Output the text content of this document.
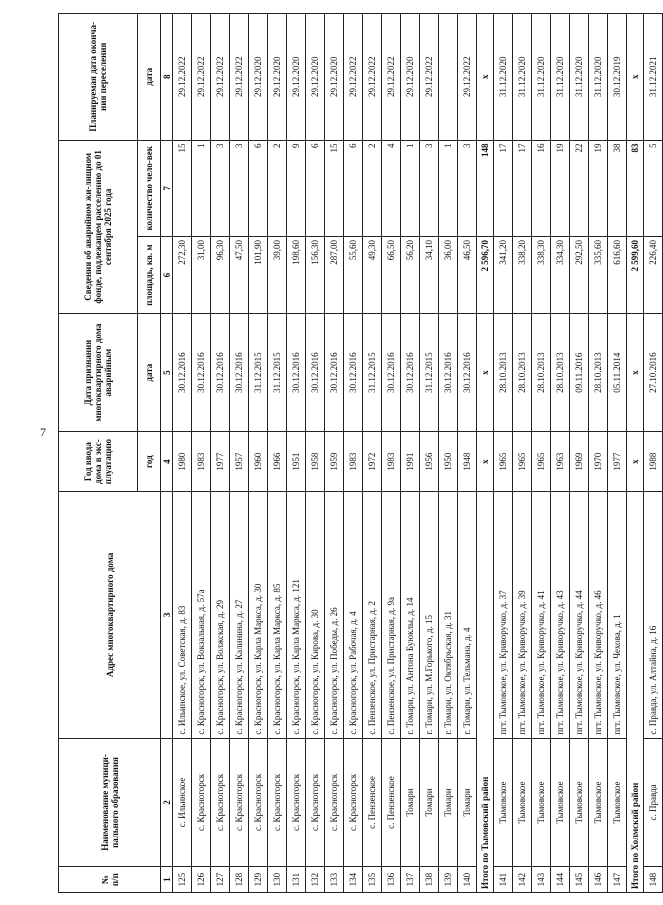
7
№ п/п	Наименование муници-пального образования	Адрес многоквартирного дома	Год ввода дома в экс-плуатацию	Дата признания многоквартирного дома аварийным	Сведения об аварийном жи-лищном фонде, подлежащем расселению до 01 сентября 2025 года		Планируемая дата оконча-ния переселения
			год	дата	площадь, кв. м	количество чело-век	дата
1	2	3	4	5	6	7	8
125	с. Ильинское	с. Ильинское, ул. Советская, д. 83	1980	30.12.2016	272,30	15	29.12.2022
126	с. Красногорск	с. Красногорск, ул. Вокзальная, д. 57а	1983	30.12.2016	31,00	1	29.12.2022
127	с. Красногорск	с. Красногорск, ул. Волжская, д. 29	1977	30.12.2016	96,30	3	29.12.2022
128	с. Красногорск	с. Красногорск, ул. Калинина, д. 27	1957	30.12.2016	47,50	3	29.12.2022
129	с. Красногорск	с. Красногорск, ул. Карла Маркса, д. 30	1960	31.12.2015	101,90	6	29.12.2020
130	с. Красногорск	с. Красногорск, ул. Карла Маркса, д. 85	1966	31.12.2015	39,00	2	29.12.2020
131	с. Красногорск	с. Красногорск, ул. Карла Маркса, д. 121	1951	30.12.2016	198,60	9	29.12.2020
132	с. Красногорск	с. Красногорск, ул. Кирова, д. 30	1958	30.12.2016	156,30	6	29.12.2020
133	с. Красногорск	с. Красногорск, ул. Победы, д. 26	1959	30.12.2016	287,00	15	29.12.2020
134	с. Красногорск	с. Красногорск, ул. Рабочая, д. 4	1983	30.12.2016	55,60	6	29.12.2022
135	с. Пензенское	с. Пензенское, ул. Пристарная, д. 2	1972	31.12.2015	49,30	2	29.12.2022
136	с. Пензенское	с. Пензенское, ул. Пристарная, д. 9а	1983	30.12.2016	66,50	4	29.12.2022
137	Томари	г. Томари, ул. Антона Буюклы, д. 14	1991	30.12.2016	56,20	1	29.12.2020
138	Томари	г. Томари, ул. М.Горького, д. 15	1956	31.12.2015	34,10	3	29.12.2022
139	Томари	г. Томари, ул. Октябрьская, д. 31	1950	30.12.2016	36,00	1	
140	Томари	г. Томари, ул. Тельмана, д. 4	1948	30.12.2016	46,50	3	29.12.2022
Итого по Тымовский район			х	х	2 596,70	148	х
141	Тымовское	пгт. Тымовское, ул. Криворучко, д. 37	1965	28.10.2013	341,20	17	31.12.2020
142	Тымовское	пгт. Тымовское, ул. Криворучко, д. 39	1965	28.10.2013	338,20	17	31.12.2020
143	Тымовское	пгт. Тымовское, ул. Криворучко, д. 41	1965	28.10.2013	338,30	16	31.12.2020
144	Тымовское	пгт. Тымовское, ул. Криворучко, д. 43	1963	28.10.2013	334,30	19	31.12.2020
145	Тымовское	пгт. Тымовское, ул. Криворучко, д. 44	1969	09.11.2016	292,50	22	31.12.2020
146	Тымовское	пгт. Тымовское, ул. Криворучко, д. 46	1970	28.10.2013	335,60	19	31.12.2020
147	Тымовское	пгт. Тымовское, ул. Чехова, д. 1	1977	05.11.2014	616,60	38	30.12.2019
Итого по Холмский район			х	х	2 599,60	83	х
148	с. Правда	с. Правда, ул. Алтайна, д. 16	1988	27.10.2016	226,40	5	31.12.2021
